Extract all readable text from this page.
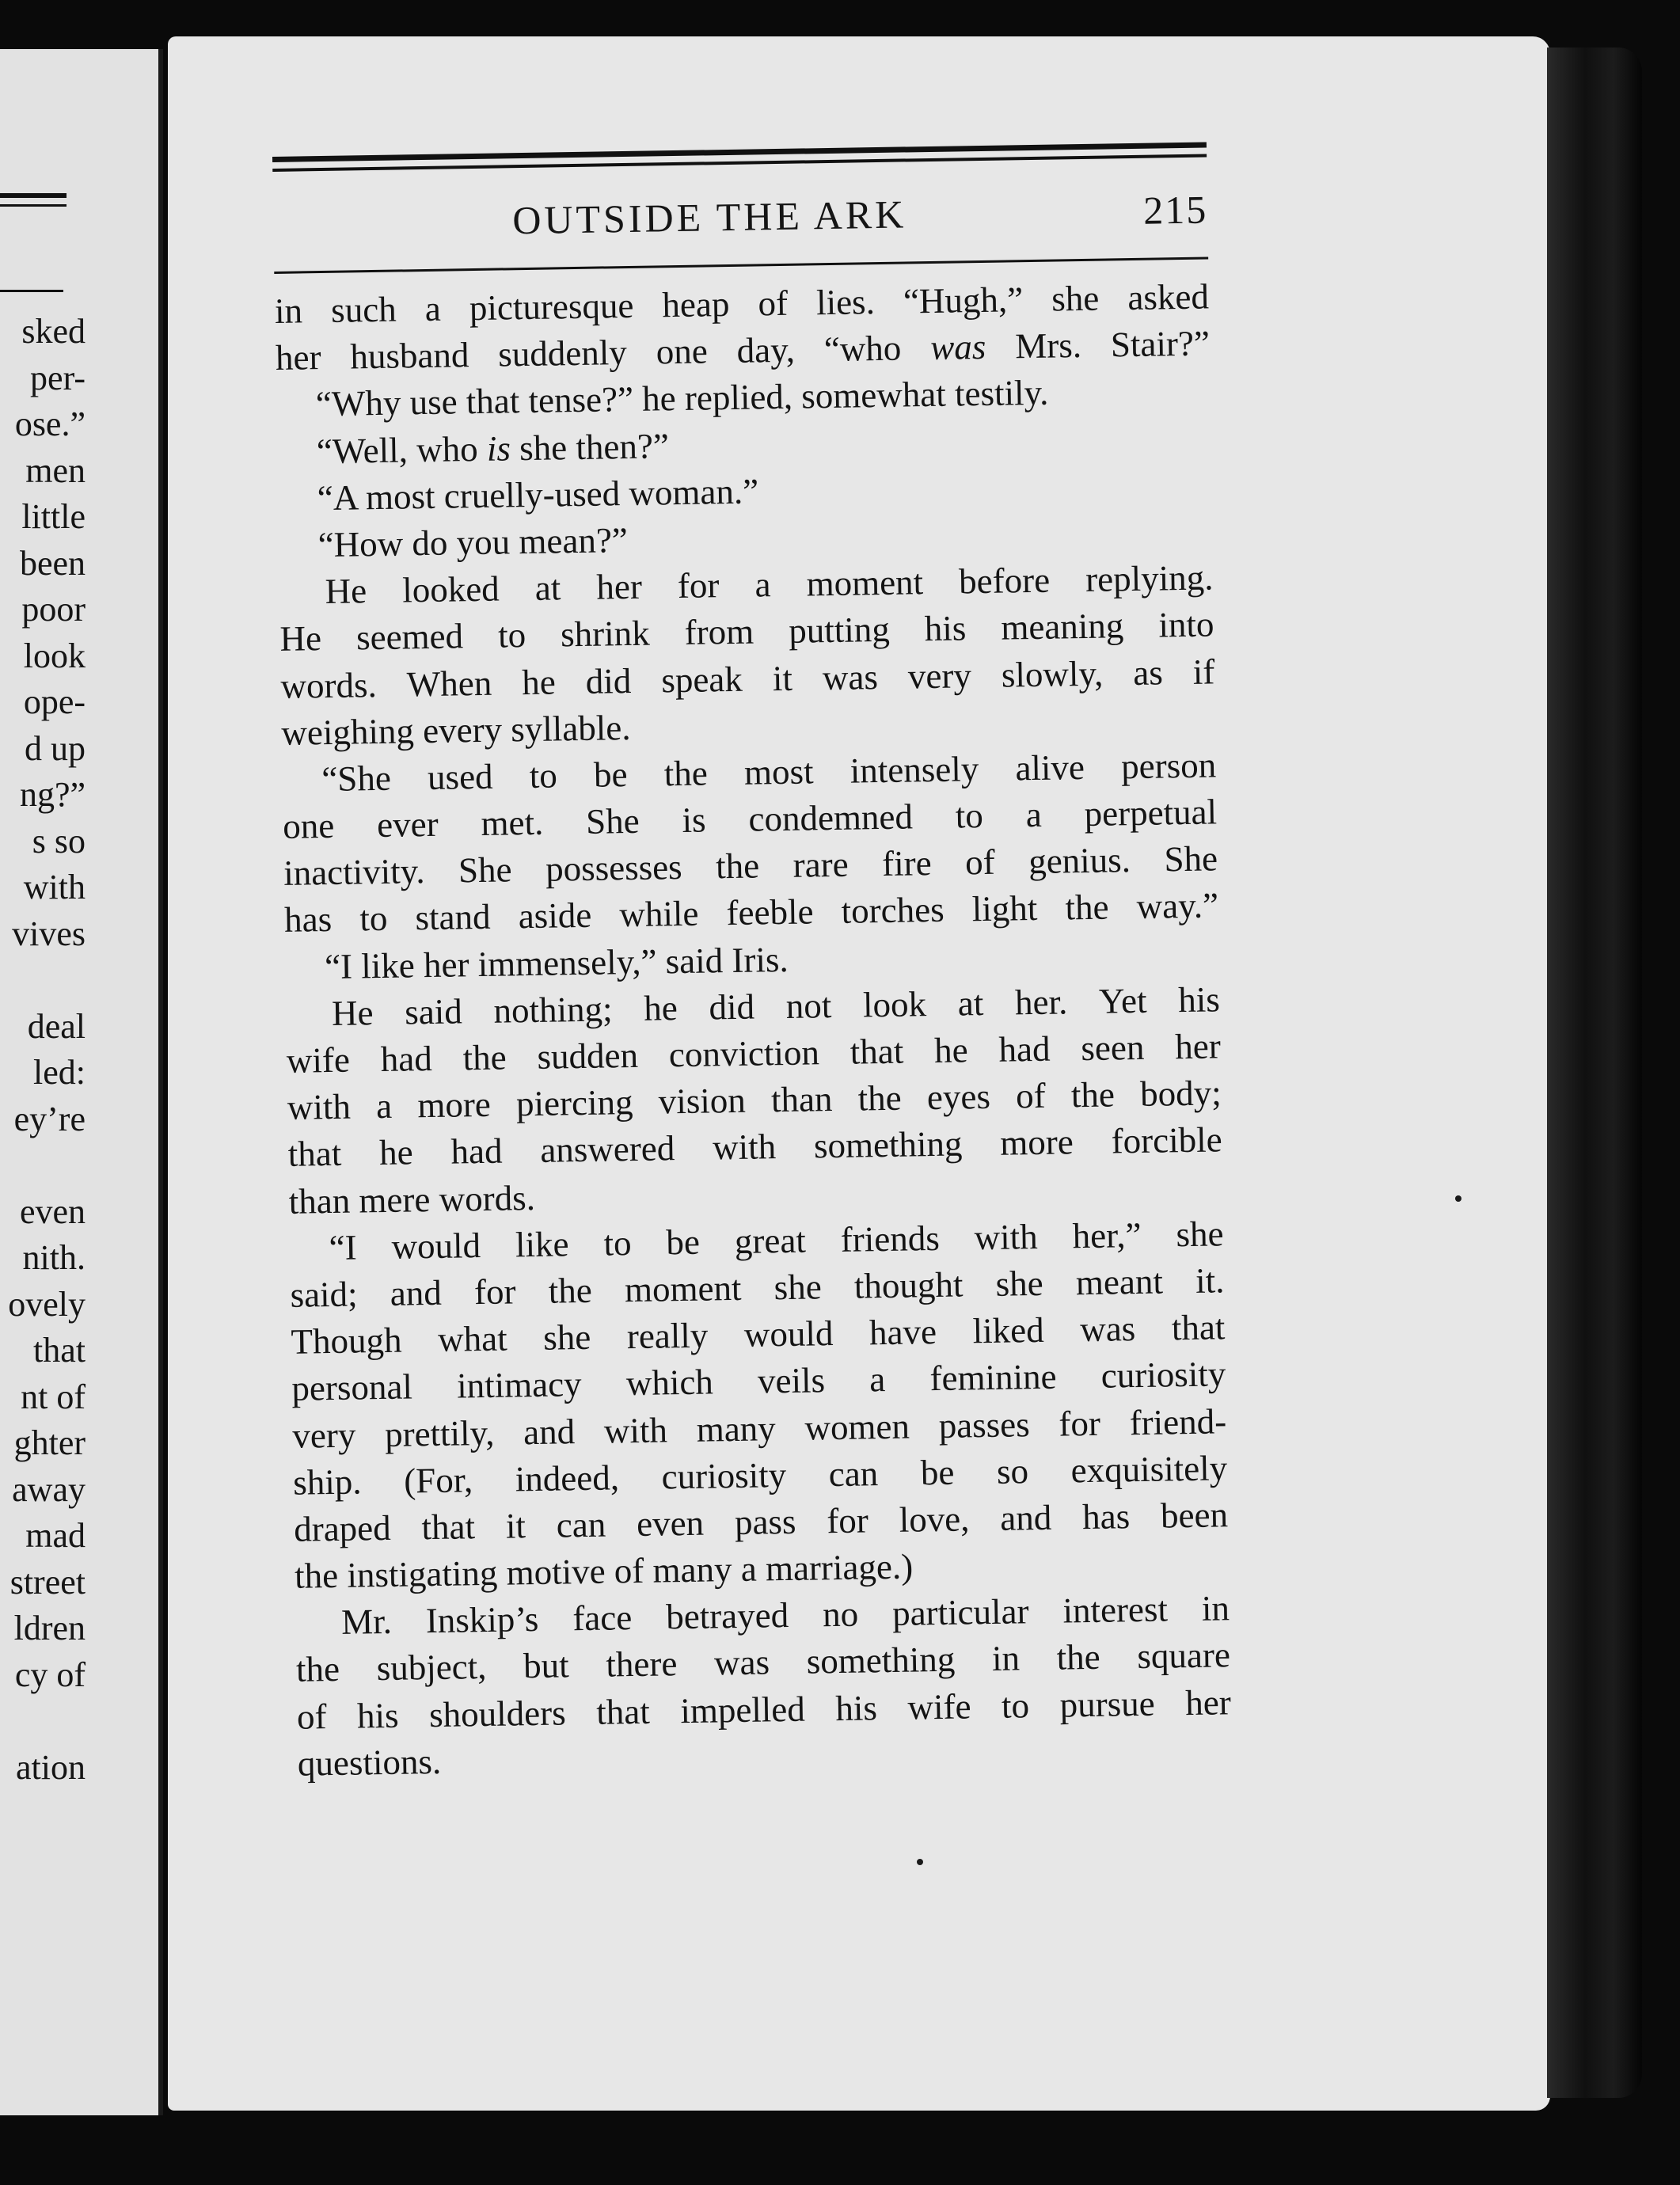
sked
per-
ose.”
men
little
been
poor
look
ope-
d up
ng?”
s so
with
vives
deal
led:
ey’re
even
nith.
ovely
that
nt of
ghter
away
mad
street
ldren
cy of
ation
OUTSIDE THE ARK	215
in such a picturesque heap of lies. “Hugh,” she asked
her husband suddenly one day, “who was Mrs. Stair?”
“Why use that tense?” he replied, somewhat testily.
“Well, who is she then?”
“A most cruelly-used woman.”
“How do you mean?”
He looked at her for a moment before replying.
He seemed to shrink from putting his meaning into
words. When he did speak it was very slowly, as if
weighing every syllable.
“She used to be the most intensely alive person
one ever met. She is condemned to a perpetual
inactivity. She possesses the rare fire of genius. She
has to stand aside while feeble torches light the way.”
“I like her immensely,” said Iris.
He said nothing; he did not look at her. Yet his
wife had the sudden conviction that he had seen her
with a more piercing vision than the eyes of the body;
that he had answered with something more forcible
than mere words.
“I would like to be great friends with her,” she
said; and for the moment she thought she meant it.
Though what she really would have liked was that
personal intimacy which veils a feminine curiosity
very prettily, and with many women passes for friend-
ship. (For, indeed, curiosity can be so exquisitely
draped that it can even pass for love, and has been
the instigating motive of many a marriage.)
Mr. Inskip’s face betrayed no particular interest in
the subject, but there was something in the square
of his shoulders that impelled his wife to pursue her
questions.
